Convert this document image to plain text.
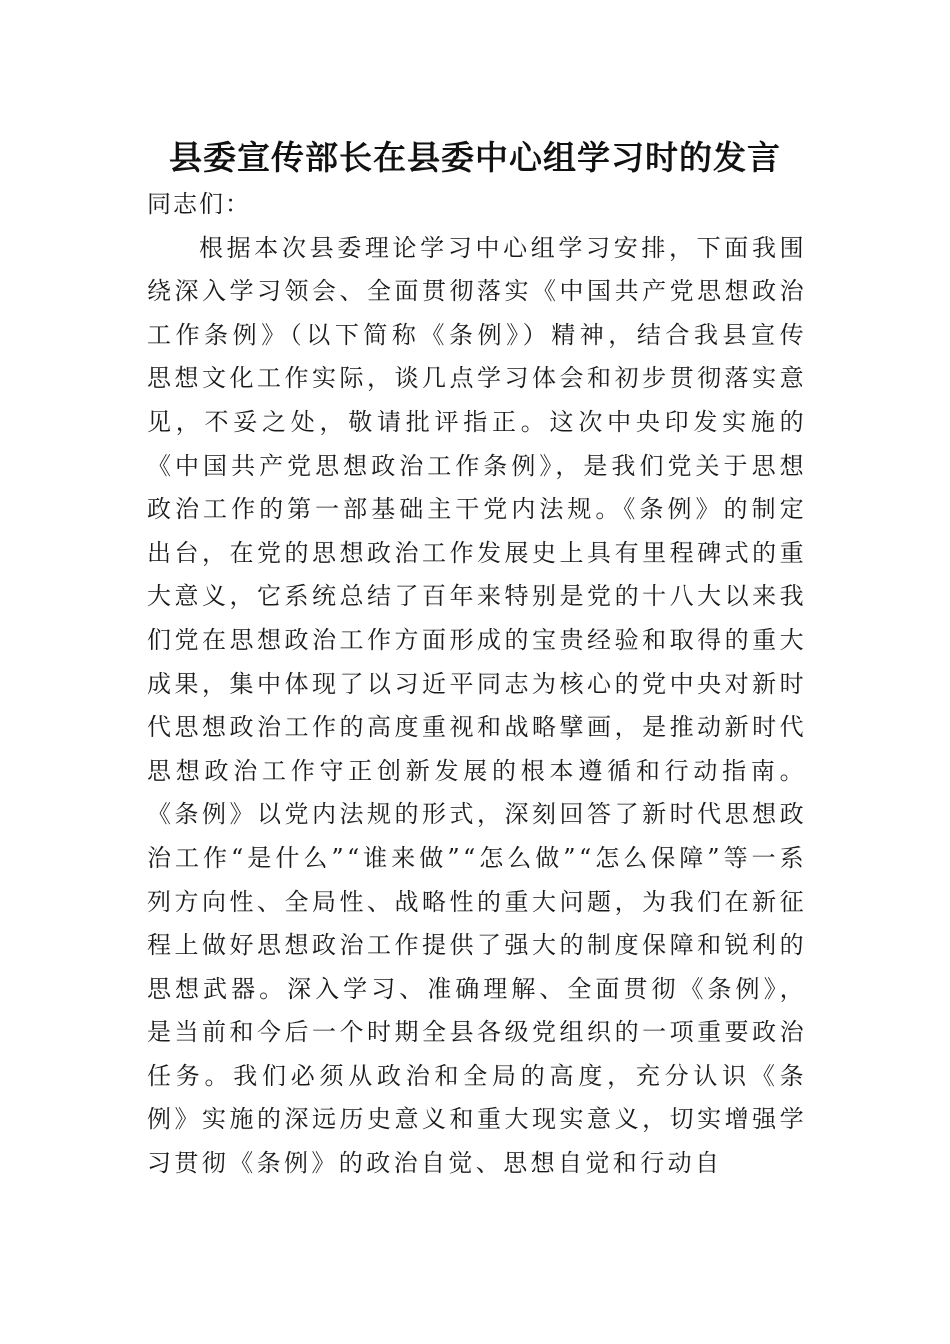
县委宣传部长在县委中心组学习时的发言

同志们：

根据本次县委理论学习中心组学习安排，下面我围绕深入学习领会、全面贯彻落实《中国共产党思想政治工作条例》（以下简称《条例》）精神，结合我县宣传思想文化工作实际，谈几点学习体会和初步贯彻落实意见，不妥之处，敬请批评指正。这次中央印发实施的《中国共产党思想政治工作条例》，是我们党关于思想政治工作的第一部基础主干党内法规。《条例》的制定出台，在党的思想政治工作发展史上具有里程碑式的重大意义，它系统总结了百年来特别是党的十八大以来我们党在思想政治工作方面形成的宝贵经验和取得的重大成果，集中体现了以习近平同志为核心的党中央对新时代思想政治工作的高度重视和战略擘画，是推动新时代思想政治工作守正创新发展的根本遵循和行动指南。《条例》以党内法规的形式，深刻回答了新时代思想政治工作“是什么”“谁来做”“怎么做”“怎么保障”等一系列方向性、全局性、战略性的重大问题，为我们在新征程上做好思想政治工作提供了强大的制度保障和锐利的思想武器。深入学习、准确理解、全面贯彻《条例》，是当前和今后一个时期全县各级党组织的一项重要政治任务。我们必须从政治和全局的高度，充分认识《条例》实施的深远历史意义和重大现实意义，切实增强学习贯彻《条例》的政治自觉、思想自觉和行动自
